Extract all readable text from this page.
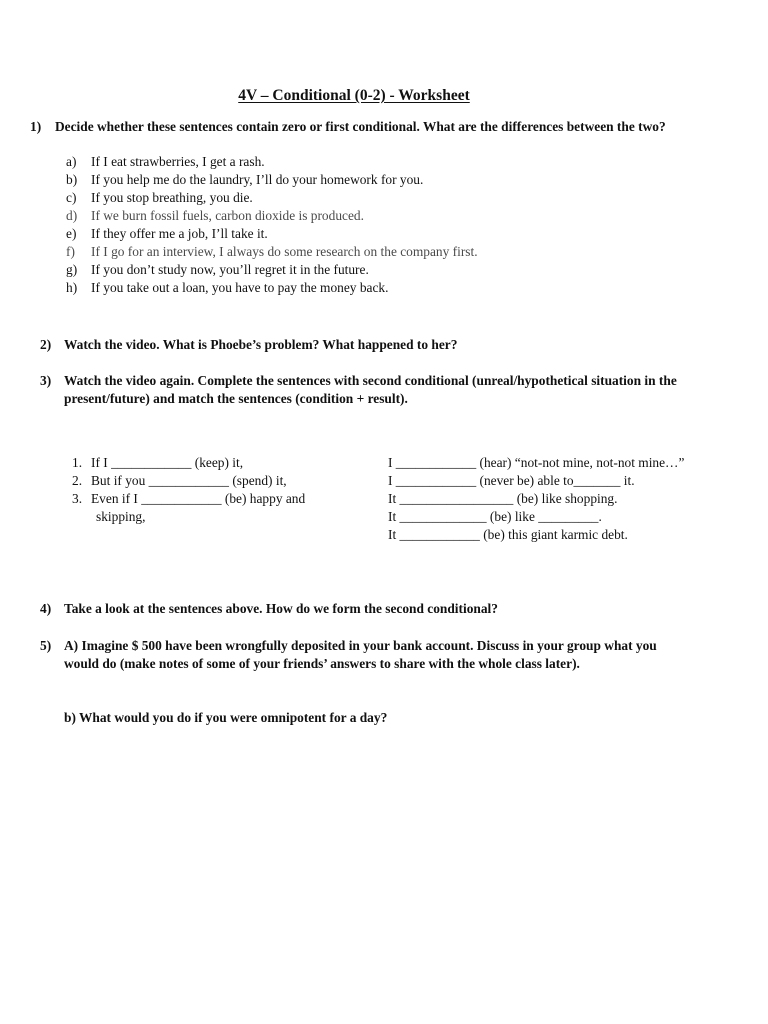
4V – Conditional (0-2) - Worksheet
1) Decide whether these sentences contain zero or first conditional. What are the differences between the two?
a)	If I eat strawberries, I get a rash.
b)	If you help me do the laundry, I’ll do your homework for you.
c)	If you stop breathing, you die.
d)	If we burn fossil fuels, carbon dioxide is produced.
e)	If they offer me a job, I’ll take it.
f)	If I go for an interview, I always do some research on the company first.
g)	If you don’t study now, you’ll regret it in the future.
h)	If you take out a loan, you have to pay the money back.
2) Watch the video. What is Phoebe’s problem? What happened to her?
3) Watch the video again. Complete the sentences with second conditional (unreal/hypothetical situation in the present/future) and match the sentences (condition + result).
1. If I ____________ (keep) it,
2. But if you ____________ (spend) it,
3. Even if I ____________ (be) happy and
skipping,
I ____________ (hear) “not-not mine, not-not mine…”
I ____________ (never be) able to_______ it.
It _________________ (be) like shopping.
It _____________ (be) like _________.
It ____________ (be) this giant karmic debt.
4) Take a look at the sentences above. How do we form the second conditional?
5) A) Imagine $ 500 have been wrongfully deposited in your bank account. Discuss in your group what you would do (make notes of some of your friends’ answers to share with the whole class later).
b) What would you do if you were omnipotent for a day?
